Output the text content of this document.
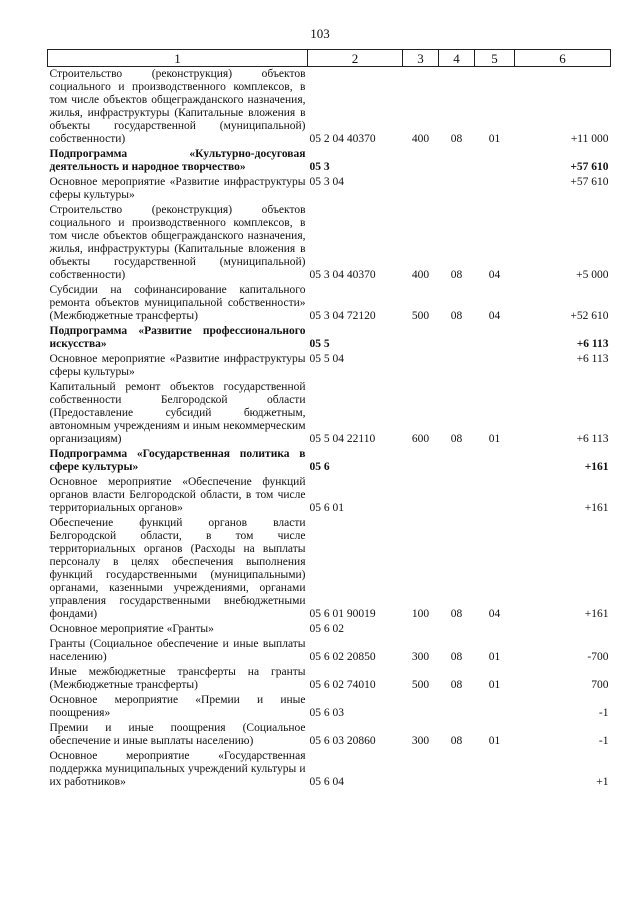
103
1	2	3	4	5	6
Строительство (реконструкция) объектов социального и производственного комплексов, в том числе объектов общегражданского назначения, жилья, инфраструктуры (Капитальные вложения в объекты государственной (муниципальной) собственности)	05 2 04 40370	400	08	01	+11 000
Подпрограмма «Культурно-досуговая деятельность и народное творчество»	05 3				+57 610
Основное мероприятие «Развитие инфраструктуры сферы культуры»	05 3 04				+57 610
Строительство (реконструкция) объектов социального и производственного комплексов, в том числе объектов общегражданского назначения, жилья, инфраструктуры (Капитальные вложения в объекты государственной (муниципальной) собственности)	05 3 04 40370	400	08	04	+5 000
Субсидии на софинансирование капитального ремонта объектов муниципальной собственности» (Межбюджетные трансферты)	05 3 04 72120	500	08	04	+52 610
Подпрограмма «Развитие профессионального искусства»	05 5				+6 113
Основное мероприятие «Развитие инфраструктуры сферы культуры»	05 5 04				+6 113
Капитальный ремонт объектов государственной собственности Белгородской области (Предоставление субсидий бюджетным, автономным учреждениям и иным некоммерческим организациям)	05 5 04 22110	600	08	01	+6 113
Подпрограмма «Государственная политика в сфере культуры»	05 6				+161
Основное мероприятие «Обеспечение функций органов власти Белгородской области, в том числе территориальных органов»	05 6 01				+161
Обеспечение функций органов власти Белгородской области, в том числе территориальных органов (Расходы на выплаты персоналу в целях обеспечения выполнения функций государственными (муниципальными) органами, казенными учреждениями, органами управления государственными внебюджетными фондами)	05 6 01 90019	100	08	04	+161
Основное мероприятие «Гранты»	05 6 02				
Гранты (Социальное обеспечение и иные выплаты населению)	05 6 02 20850	300	08	01	-700
Иные межбюджетные трансферты на гранты (Межбюджетные трансферты)	05 6 02 74010	500	08	01	700
Основное мероприятие «Премии и иные поощрения»	05 6 03				-1
Премии и иные поощрения (Социальное обеспечение и иные выплаты населению)	05 6 03 20860	300	08	01	-1
Основное мероприятие «Государственная поддержка муниципальных учреждений культуры и их работников»	05 6 04				+1
